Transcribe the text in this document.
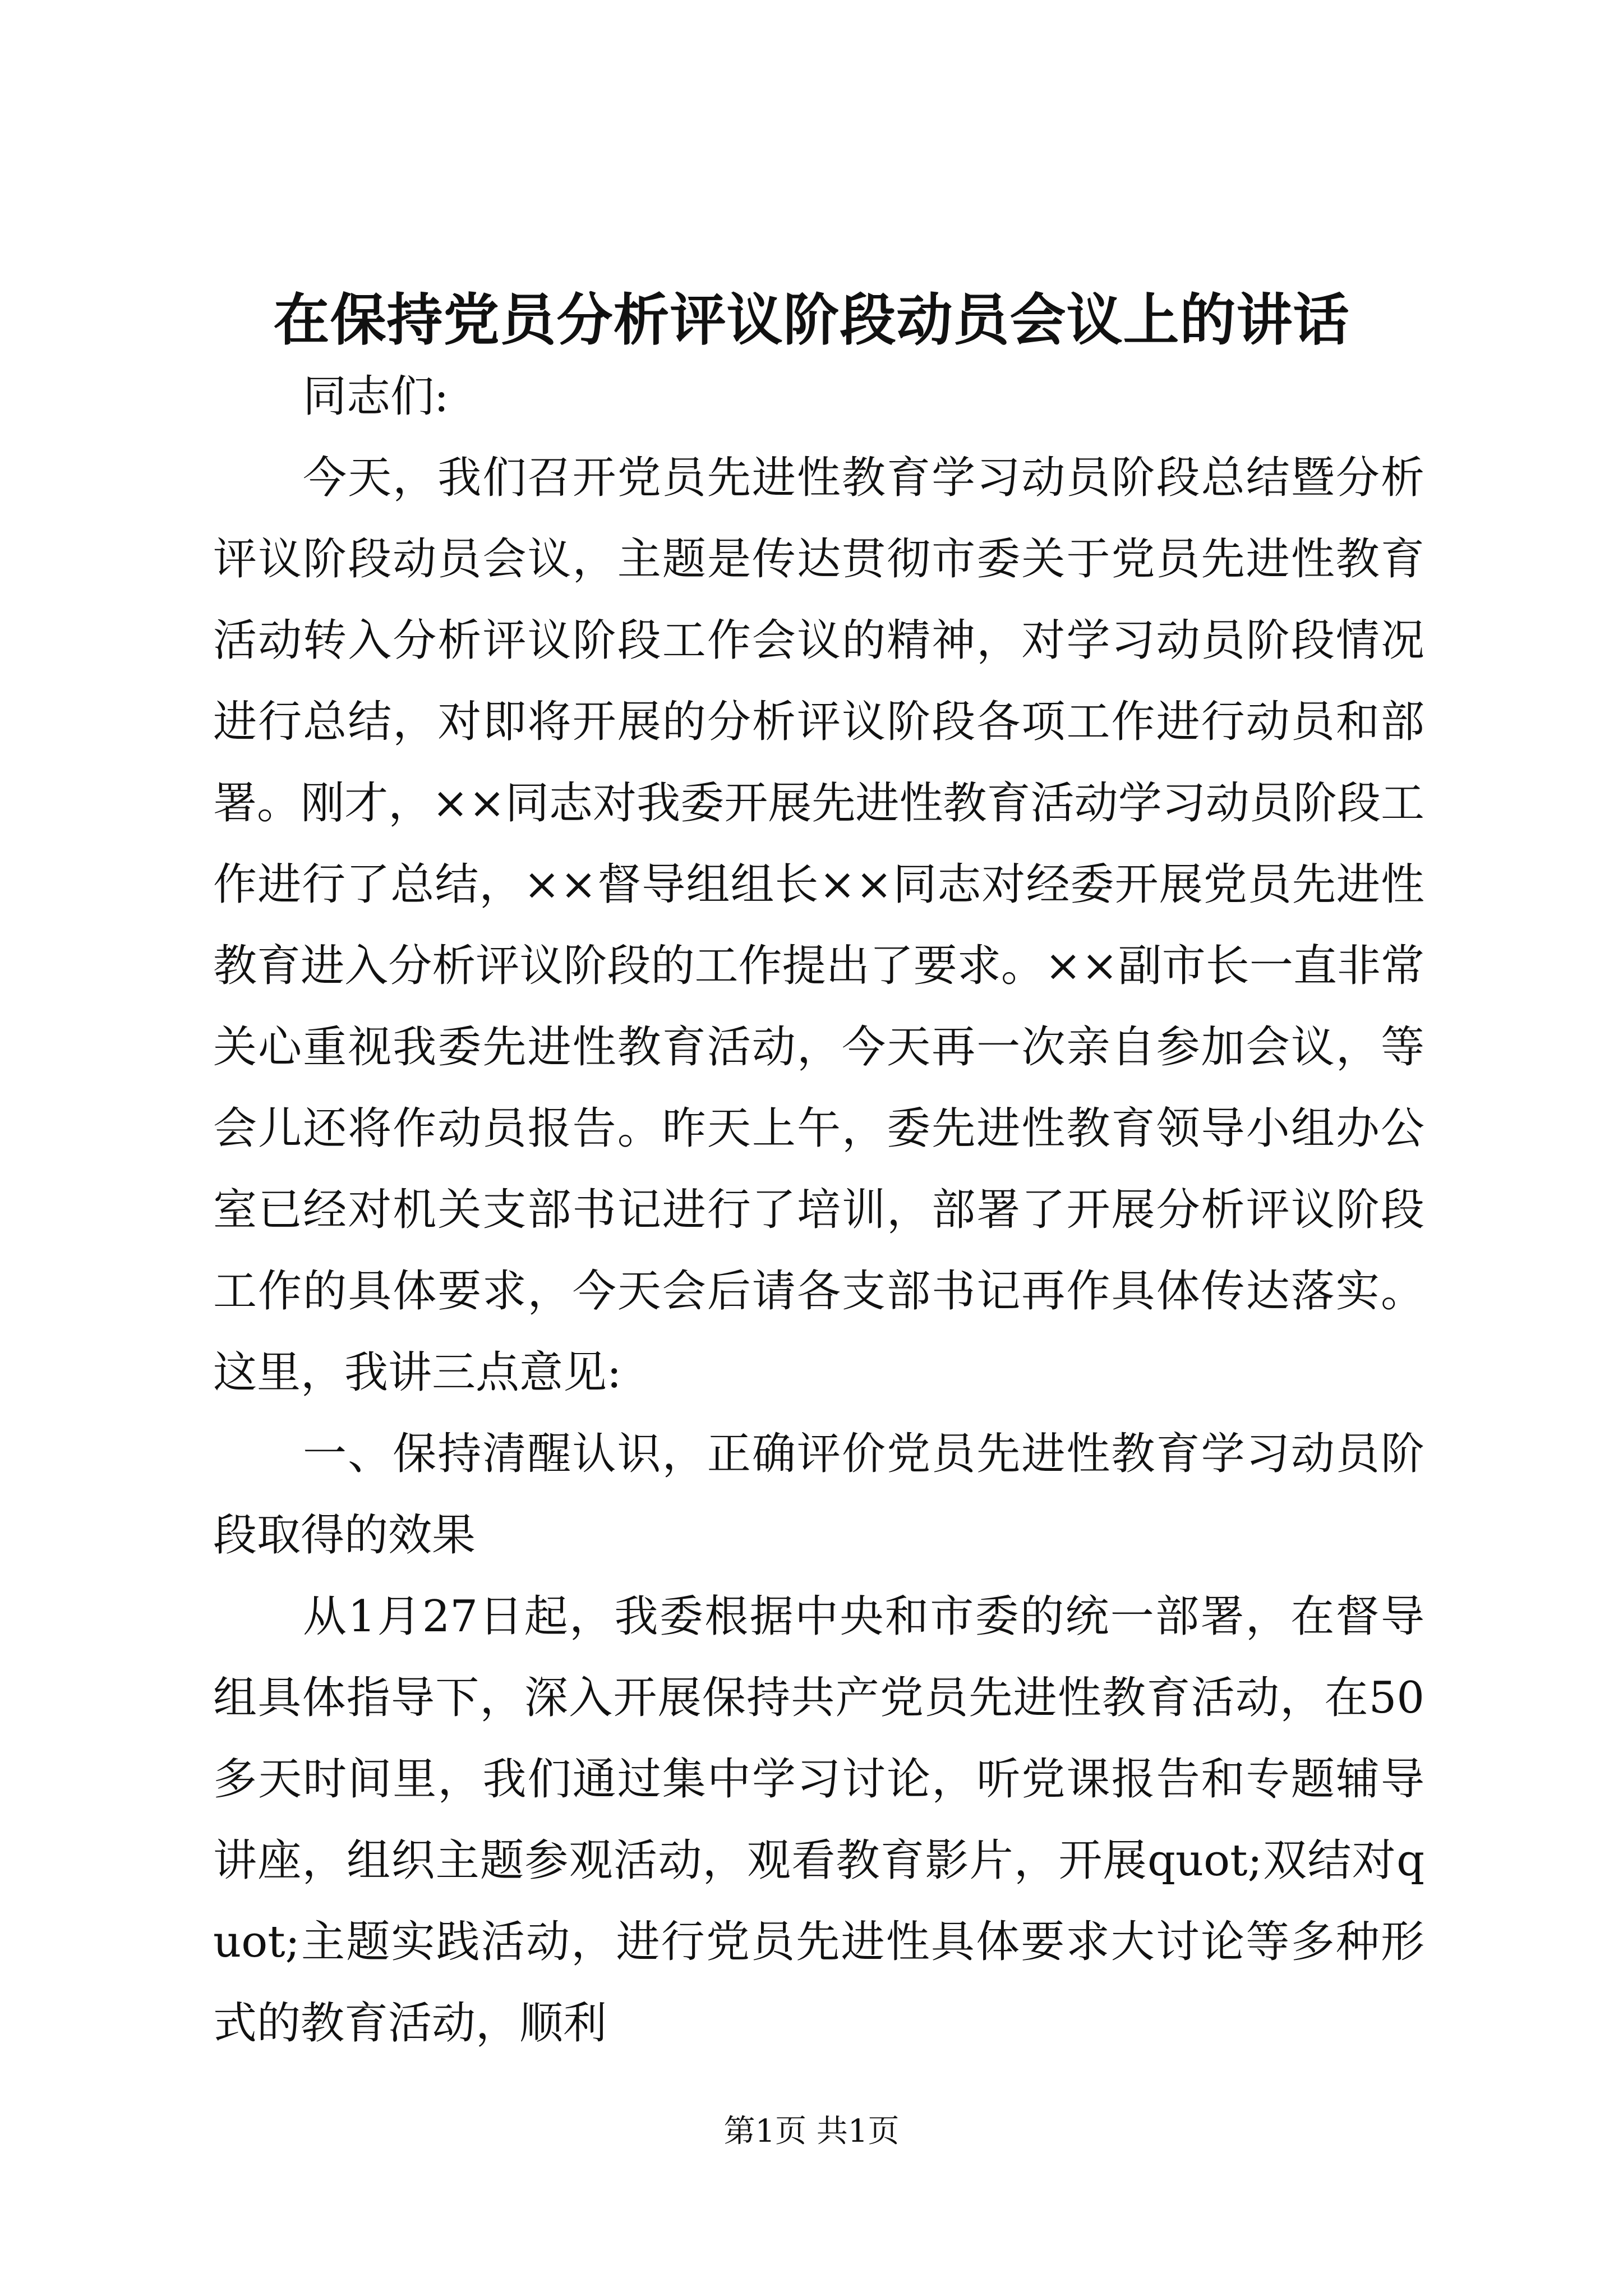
在保持党员分析评议阶段动员会议上的讲话

同志们:

今天，我们召开党员先进性教育学习动员阶段总结暨分析评议阶段动员会议，主题是传达贯彻市委关于党员先进性教育活动转入分析评议阶段工作会议的精神，对学习动员阶段情况进行总结，对即将开展的分析评议阶段各项工作进行动员和部署。刚才，××同志对我委开展先进性教育活动学习动员阶段工作进行了总结，××督导组组长××同志对经委开展党员先进性教育进入分析评议阶段的工作提出了要求。××副市长一直非常关心重视我委先进性教育活动，今天再一次亲自参加会议，等会儿还将作动员报告。昨天上午，委先进性教育领导小组办公室已经对机关支部书记进行了培训，部署了开展分析评议阶段工作的具体要求，今天会后请各支部书记再作具体传达落实。这里，我讲三点意见:

一、保持清醒认识，正确评价党员先进性教育学习动员阶段取得的效果

从1月27日起，我委根据中央和市委的统一部署，在督导组具体指导下，深入开展保持共产党员先进性教育活动，在50多天时间里，我们通过集中学习讨论，听党课报告和专题辅导讲座，组织主题参观活动，观看教育影片，开展quot;双结对quot;主题实践活动，进行党员先进性具体要求大讨论等多种形式的教育活动，顺利

第1页 共1页
